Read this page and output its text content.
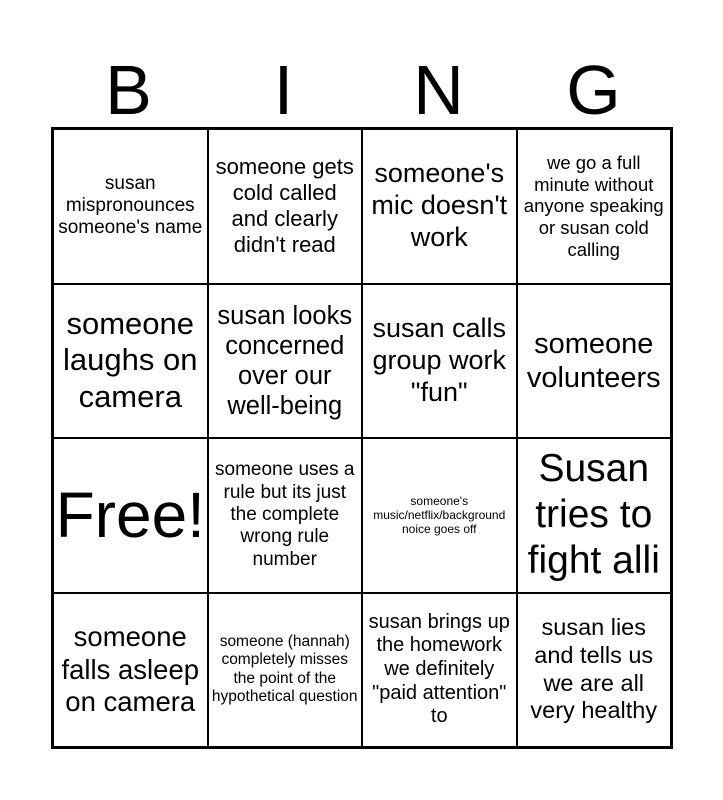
B	I	N	G
susan mispronounces someone's name
someone gets cold called and clearly didn't read
someone's mic doesn't work
we go a full minute without anyone speaking or susan cold calling
someone laughs on camera
susan looks concerned over our well-being
susan calls group work "fun"
someone volunteers
Free!
someone uses a rule but its just the complete wrong rule number
someone's music/netflix/background noice goes off
Susan tries to fight alli
someone falls asleep on camera
someone (hannah) completely misses the point of the hypothetical question
susan brings up the homework we definitely "paid attention" to
susan lies and tells us we are all very healthy
